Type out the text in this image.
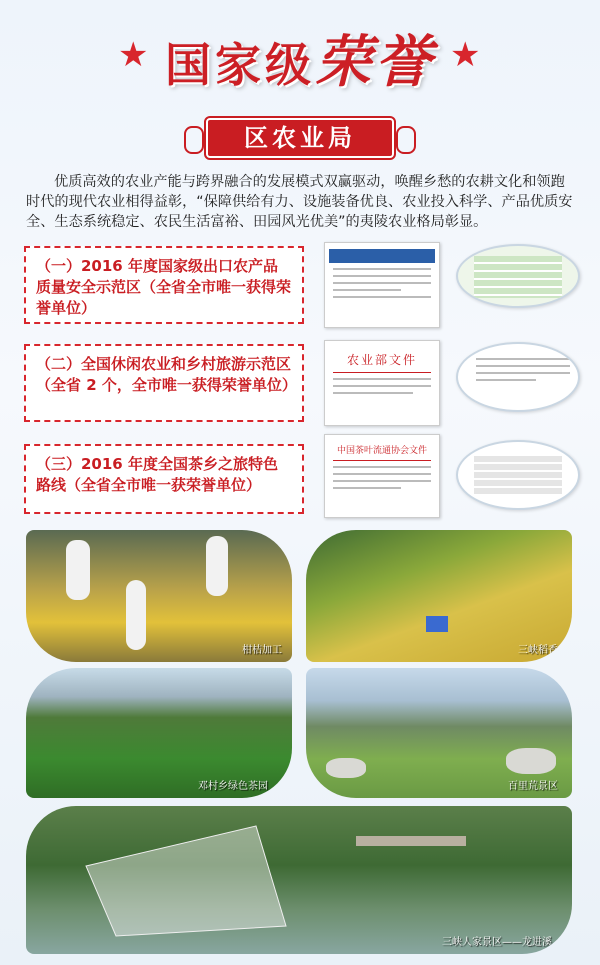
★	★
国家级荣誉
区农业局

优质高效的农业产能与跨界融合的发展模式双赢驱动，唤醒乡愁的农耕文化和领跑时代的现代农业相得益彰，“保障供给有力、设施装备优良、农业投入科学、产品优质安全、生态系统稳定、农民生活富裕、田园风光优美”的夷陵农业格局彰显。

（一）2016 年度国家级出口农产品质量安全示范区（全省全市唯一获得荣誉单位）
（二）全国休闲农业和乡村旅游示范区（全省 2 个，全市唯一获得荣誉单位）
农业部文件
（三）2016 年度全国茶乡之旅特色路线（全省全市唯一获荣誉单位）
中国茶叶流通协会文件
柑桔加工	三峡稻香
邓村乡绿色茶园	百里荒景区
三峡人家景区——龙进溪
